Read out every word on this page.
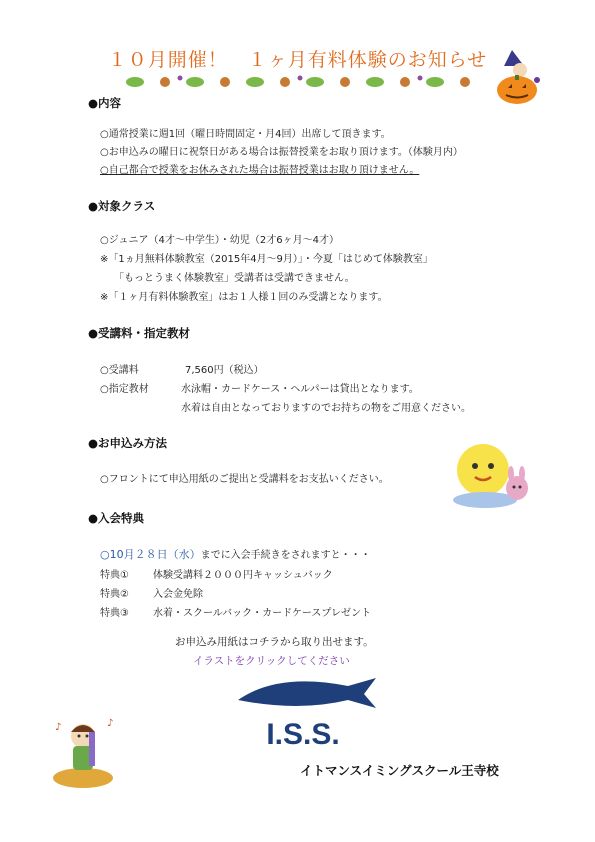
１０月開催！　１ヶ月有料体験のお知らせ
●内容
○通常授業に週1回（曜日時間固定・月4回）出席して頂きます。
○お申込みの曜日に祝祭日がある場合は振替授業をお取り頂けます。（体験月内）
○自己都合で授業をお休みされた場合は振替授業はお取り頂けません。
●対象クラス
○ジュニア（4才～中学生）・幼児（2才6ヶ月～4才）
※「1ヵ月無料体験教室（2015年4月～9月）」・今夏「はじめて体験教室」
「もっとうまく体験教室」受講者は受講できません。
※「１ヶ月有料体験教室」はお１人様１回のみ受講となります。
●受講料・指定教材
○受講料	7,560円（税込）
○指定教材	水泳帽・カードケース・ヘルパーは貸出となります。
水着は自由となっておりますのでお持ちの物をご用意ください。
●お申込み方法
○フロントにて申込用紙のご提出と受講料をお支払いください。
●入会特典
○10月２８日（水）までに入会手続きをされますと・・・
特典① 体験受講料２０００円キャッシュバック
特典② 入会金免除
特典③ 水着・スクールバック・カードケースプレゼント
お申込み用紙はコチラから取り出せます。
イラストをクリックしてください
I.S.S.
♪	♪
イトマンスイミングスクール王寺校
